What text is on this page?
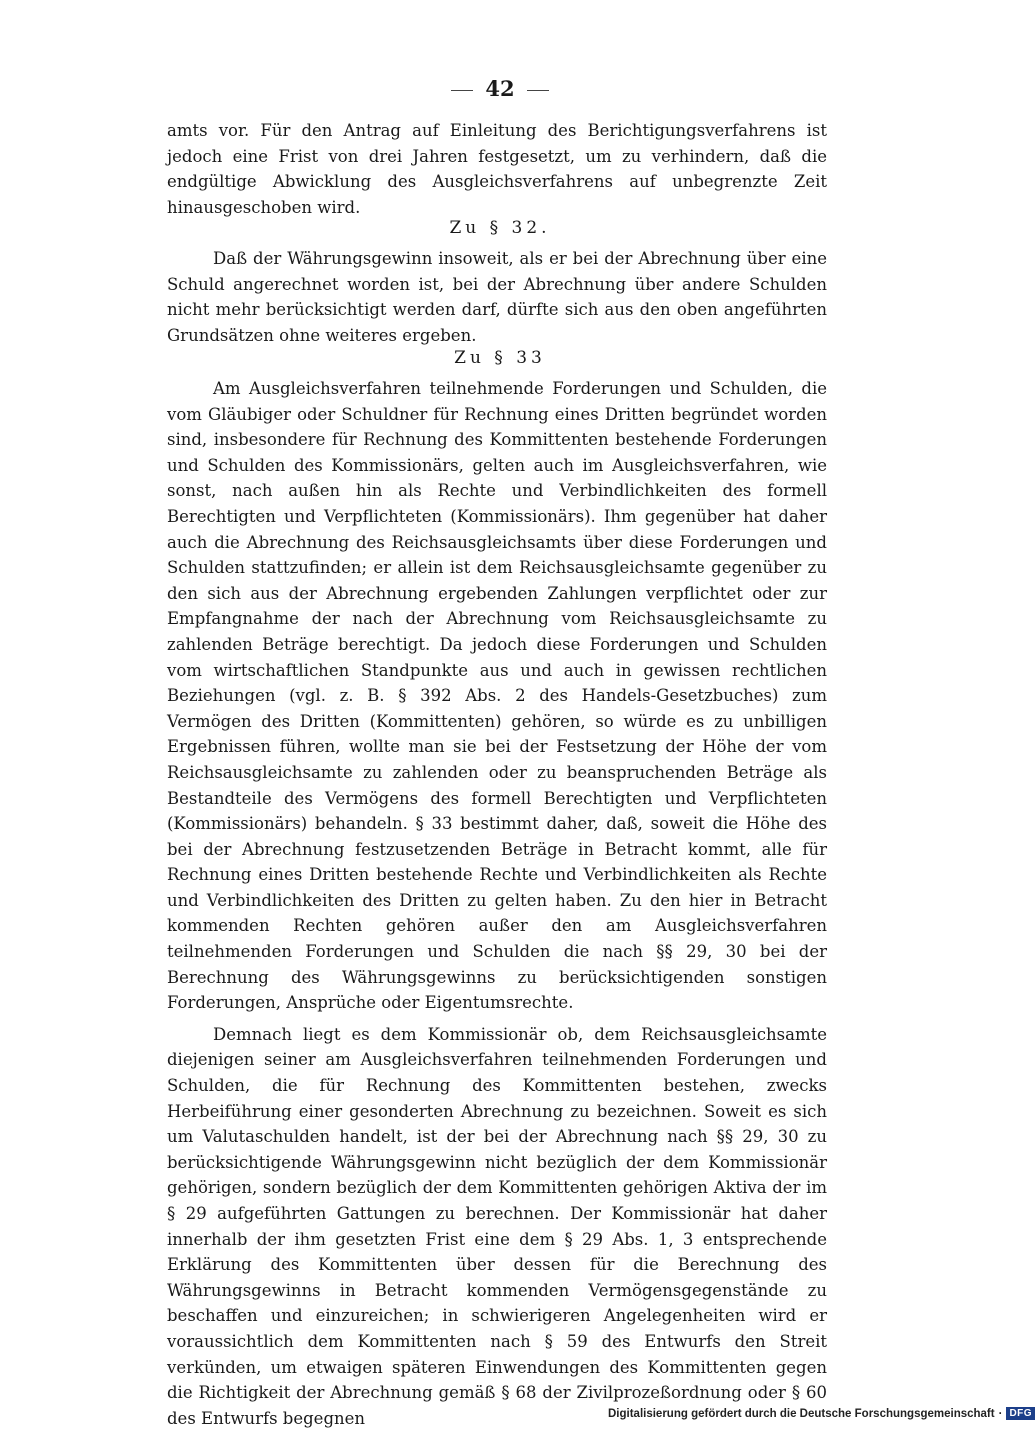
42

amts vor. Für den Antrag auf Einleitung des Berichtigungsverfahrens ist jedoch eine Frist von drei Jahren festgesetzt, um zu verhindern, daß die endgültige Abwicklung des Ausgleichsverfahrens auf unbegrenzte Zeit hinausgeschoben wird.

Zu § 32.

Daß der Währungsgewinn insoweit, als er bei der Abrechnung über eine Schuld angerechnet worden ist, bei der Abrechnung über andere Schulden nicht mehr berücksichtigt werden darf, dürfte sich aus den oben angeführten Grundsätzen ohne weiteres ergeben.

Zu § 33

Am Ausgleichsverfahren teilnehmende Forderungen und Schulden, die vom Gläubiger oder Schuldner für Rechnung eines Dritten begründet worden sind, insbesondere für Rechnung des Kommittenten bestehende Forderungen und Schulden des Kommissionärs, gelten auch im Ausgleichsverfahren, wie sonst, nach außen hin als Rechte und Verbindlichkeiten des formell Berechtigten und Verpflichteten (Kommissionärs). Ihm gegenüber hat daher auch die Abrechnung des Reichsausgleichsamts über diese Forderungen und Schulden stattzufinden; er allein ist dem Reichsausgleichsamte gegenüber zu den sich aus der Abrechnung ergebenden Zahlungen verpflichtet oder zur Empfangnahme der nach der Abrechnung vom Reichsausgleichsamte zu zahlenden Beträge berechtigt. Da jedoch diese Forderungen und Schulden vom wirtschaftlichen Standpunkte aus und auch in gewissen rechtlichen Beziehungen (vgl. z. B. § 392 Abs. 2 des Handels-Gesetzbuches) zum Vermögen des Dritten (Kommittenten) gehören, so würde es zu unbilligen Ergebnissen führen, wollte man sie bei der Festsetzung der Höhe der vom Reichsausgleichsamte zu zahlenden oder zu beanspruchenden Beträge als Bestandteile des Vermögens des formell Berechtigten und Verpflichteten (Kommissionärs) behandeln. § 33 bestimmt daher, daß, soweit die Höhe des bei der Abrechnung festzusetzenden Beträge in Betracht kommt, alle für Rechnung eines Dritten bestehende Rechte und Verbindlichkeiten als Rechte und Verbindlichkeiten des Dritten zu gelten haben. Zu den hier in Betracht kommenden Rechten gehören außer den am Ausgleichsverfahren teilnehmenden Forderungen und Schulden die nach §§ 29, 30 bei der Berechnung des Währungsgewinns zu berücksichtigenden sonstigen Forderungen, Ansprüche oder Eigentumsrechte.

Demnach liegt es dem Kommissionär ob, dem Reichsausgleichsamte diejenigen seiner am Ausgleichsverfahren teilnehmenden Forderungen und Schulden, die für Rechnung des Kommittenten bestehen, zwecks Herbeiführung einer gesonderten Abrechnung zu bezeichnen. Soweit es sich um Valutaschulden handelt, ist der bei der Abrechnung nach §§ 29, 30 zu berücksichtigende Währungsgewinn nicht bezüglich der dem Kommissionär gehörigen, sondern bezüglich der dem Kommittenten gehörigen Aktiva der im § 29 aufgeführten Gattungen zu berechnen. Der Kommissionär hat daher innerhalb der ihm gesetzten Frist eine dem § 29 Abs. 1, 3 entsprechende Erklärung des Kommittenten über dessen für die Berechnung des Währungsgewinns in Betracht kommenden Vermögensgegenstände zu beschaffen und einzureichen; in schwierigeren Angelegenheiten wird er voraussichtlich dem Kommittenten nach § 59 des Entwurfs den Streit verkünden, um etwaigen späteren Einwendungen des Kommittenten gegen die Richtigkeit der Abrechnung gemäß § 68 der Zivilprozeßordnung oder § 60 des Entwurfs begegnen	Digitalisierung gefördert durch die Deutsche Forschungsgemeinschaft · DFG
